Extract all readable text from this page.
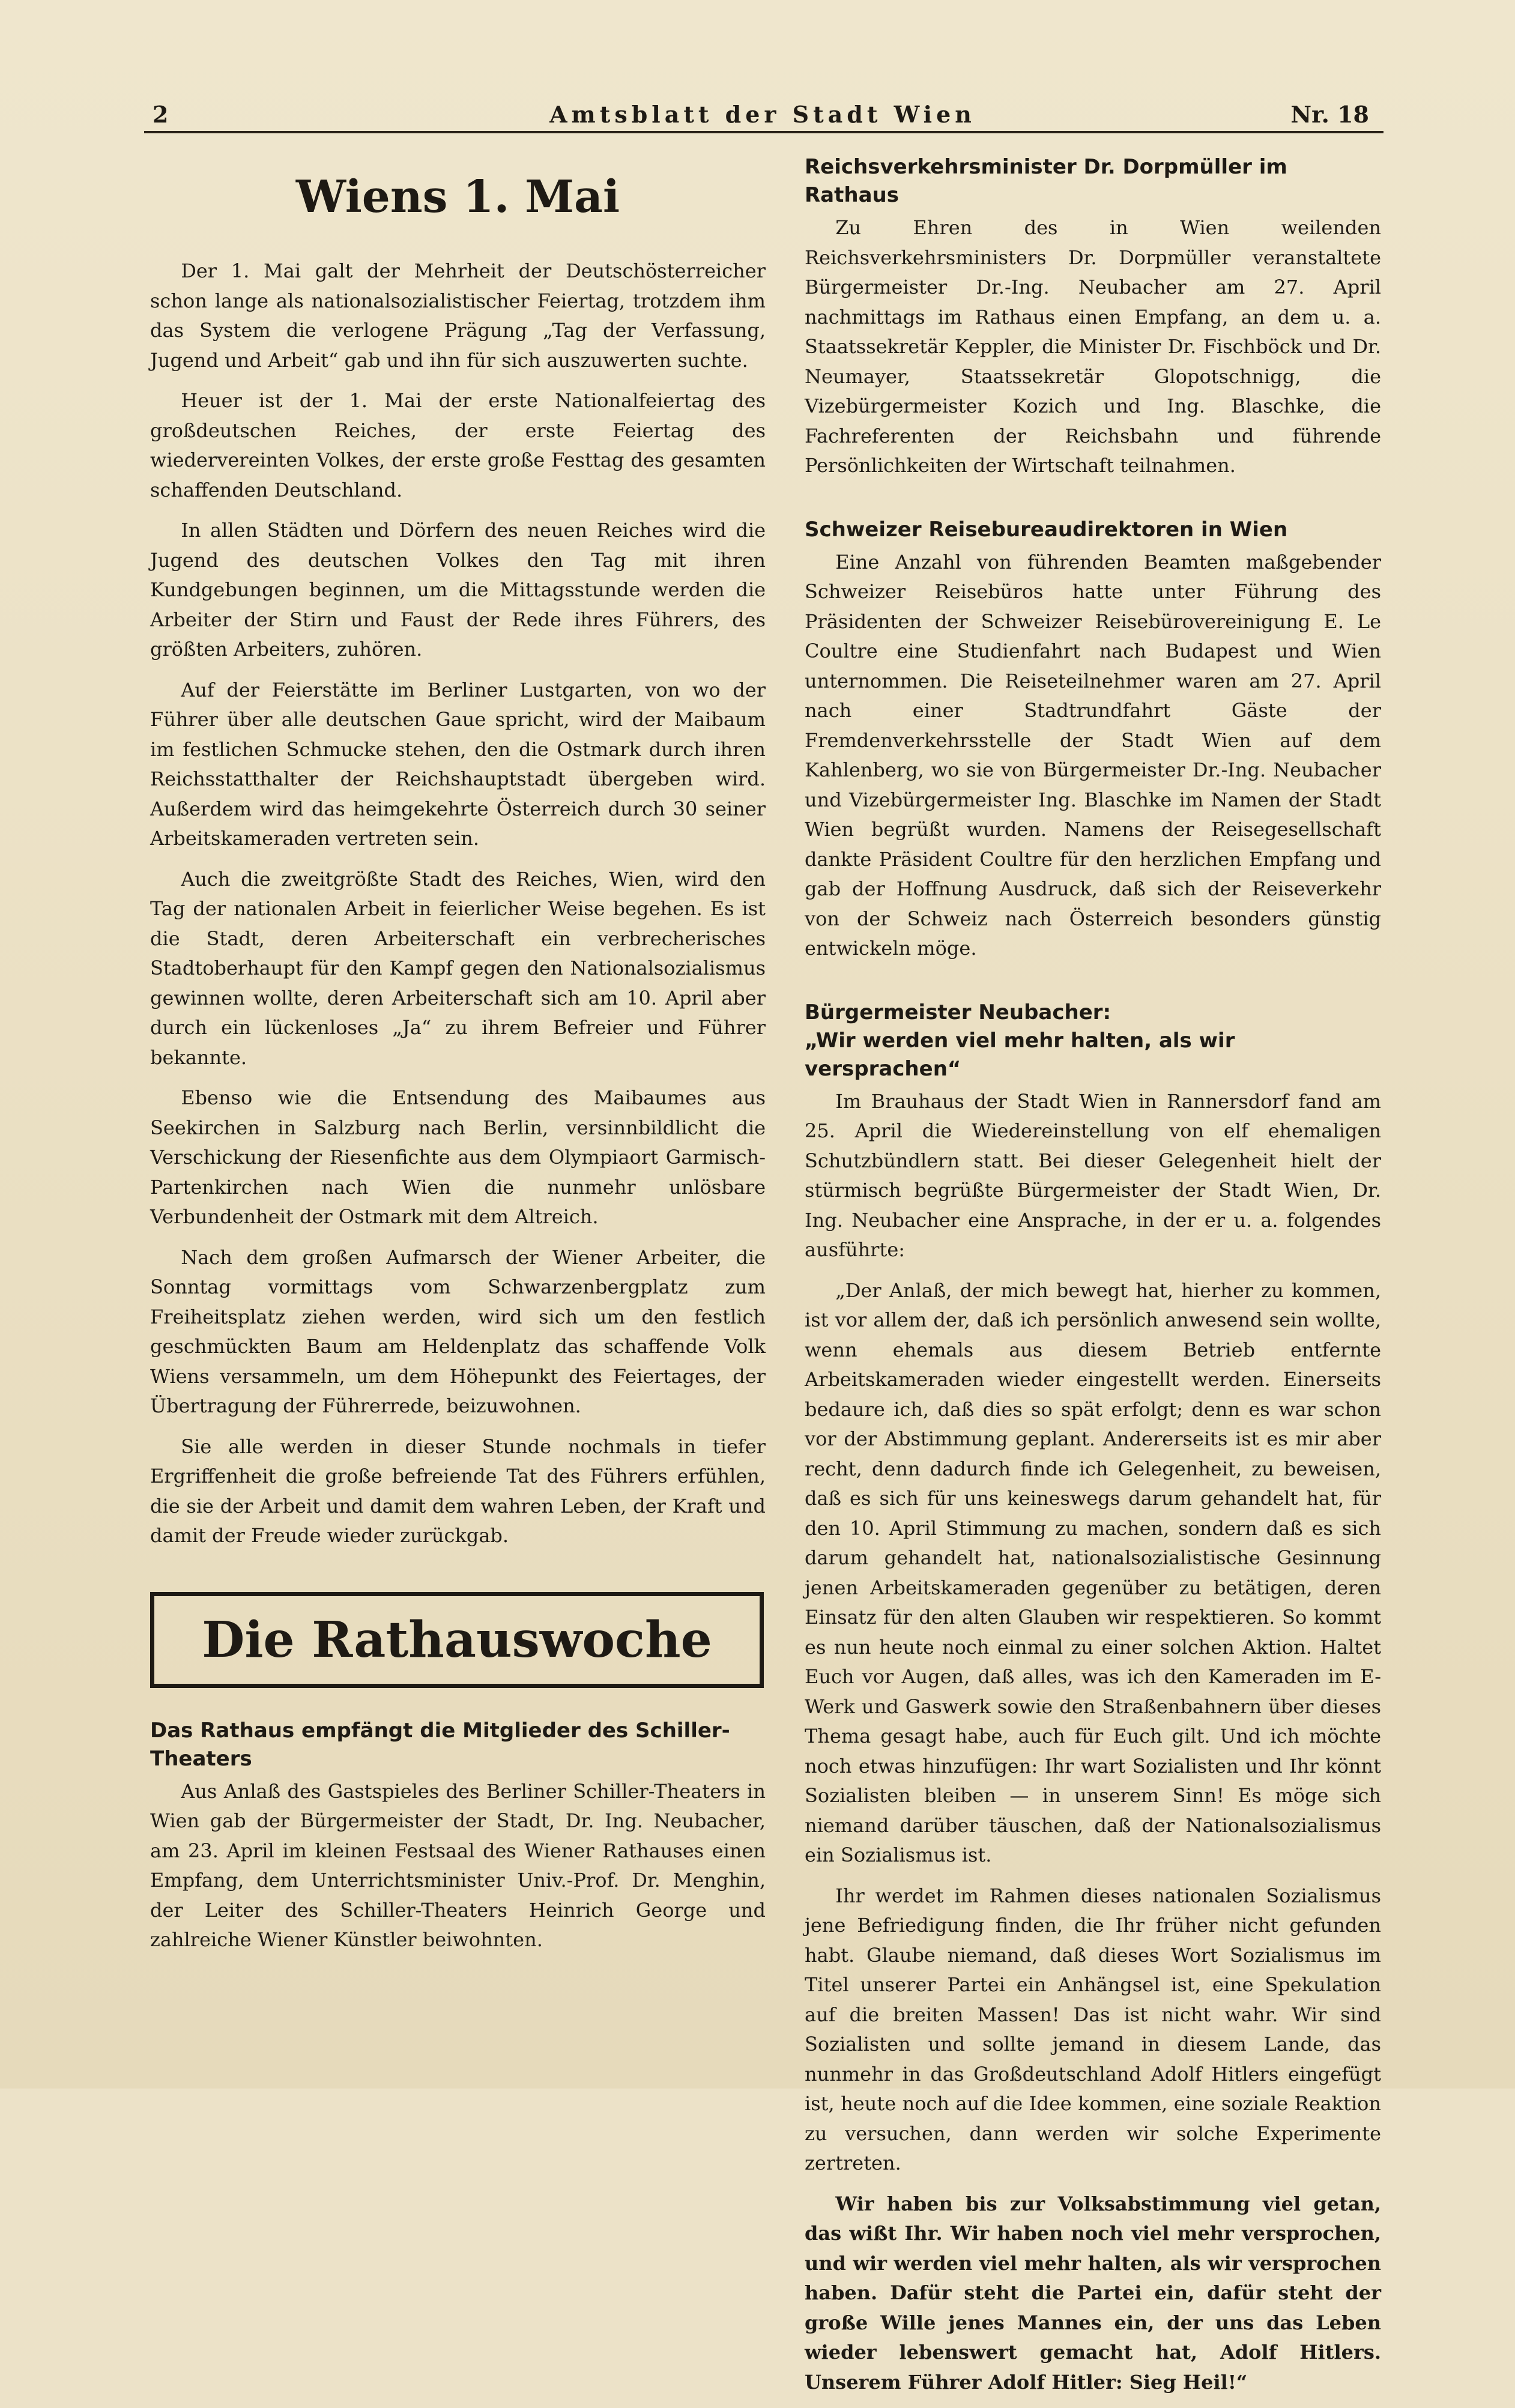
2	Amtsblatt der Stadt Wien	Nr. 18
Wiens 1. Mai

Der 1. Mai galt der Mehrheit der Deutschösterreicher schon lange als nationalsozialistischer Feiertag, trotzdem ihm das System die verlogene Prägung „Tag der Verfassung, Jugend und Arbeit“ gab und ihn für sich auszuwerten suchte.

Heuer ist der 1. Mai der erste Nationalfeiertag des großdeutschen Reiches, der erste Feiertag des wiedervereinten Volkes, der erste große Festtag des gesamten schaffenden Deutschland.

In allen Städten und Dörfern des neuen Reiches wird die Jugend des deutschen Volkes den Tag mit ihren Kundgebungen beginnen, um die Mittagsstunde werden die Arbeiter der Stirn und Faust der Rede ihres Führers, des größten Arbeiters, zuhören.

Auf der Feierstätte im Berliner Lustgarten, von wo der Führer über alle deutschen Gaue spricht, wird der Maibaum im festlichen Schmucke stehen, den die Ostmark durch ihren Reichsstatthalter der Reichshauptstadt übergeben wird. Außerdem wird das heimgekehrte Österreich durch 30 seiner Arbeitskameraden vertreten sein.

Auch die zweitgrößte Stadt des Reiches, Wien, wird den Tag der nationalen Arbeit in feierlicher Weise begehen. Es ist die Stadt, deren Arbeiterschaft ein verbrecherisches Stadtoberhaupt für den Kampf gegen den Nationalsozialismus gewinnen wollte, deren Arbeiterschaft sich am 10. April aber durch ein lückenloses „Ja“ zu ihrem Befreier und Führer bekannte.

Ebenso wie die Entsendung des Maibaumes aus Seekirchen in Salzburg nach Berlin, versinnbildlicht die Verschickung der Riesenfichte aus dem Olympiaort Garmisch-Partenkirchen nach Wien die nunmehr unlösbare Verbundenheit der Ostmark mit dem Altreich.

Nach dem großen Aufmarsch der Wiener Arbeiter, die Sonntag vormittags vom Schwarzenbergplatz zum Freiheitsplatz ziehen werden, wird sich um den festlich geschmückten Baum am Heldenplatz das schaffende Volk Wiens versammeln, um dem Höhepunkt des Feiertages, der Übertragung der Führerrede, beizuwohnen.

Sie alle werden in dieser Stunde nochmals in tiefer Ergriffenheit die große befreiende Tat des Führers erfühlen, die sie der Arbeit und damit dem wahren Leben, der Kraft und damit der Freude wieder zurückgab.

Die Rathauswoche
Das Rathaus empfängt die Mitglieder des Schiller-Theaters

Aus Anlaß des Gastspieles des Berliner Schiller-Theaters in Wien gab der Bürgermeister der Stadt, Dr. Ing. Neubacher, am 23. April im kleinen Festsaal des Wiener Rathauses einen Empfang, dem Unterrichtsminister Univ.-Prof. Dr. Menghin, der Leiter des Schiller-Theaters Heinrich George und zahlreiche Wiener Künstler beiwohnten.

Reichsverkehrsminister Dr. Dorpmüller im Rathaus

Zu Ehren des in Wien weilenden Reichsverkehrsministers Dr. Dorpmüller veranstaltete Bürgermeister Dr.-Ing. Neubacher am 27. April nachmittags im Rathaus einen Empfang, an dem u. a. Staatssekretär Keppler, die Minister Dr. Fischböck und Dr. Neumayer, Staatssekretär Glopotschnigg, die Vizebürgermeister Kozich und Ing. Blaschke, die Fachreferenten der Reichsbahn und führende Persönlichkeiten der Wirtschaft teilnahmen.

Schweizer Reisebureaudirektoren in Wien

Eine Anzahl von führenden Beamten maßgebender Schweizer Reisebüros hatte unter Führung des Präsidenten der Schweizer Reisebürovereinigung E. Le Coultre eine Studienfahrt nach Budapest und Wien unternommen. Die Reiseteilnehmer waren am 27. April nach einer Stadtrundfahrt Gäste der Fremdenverkehrsstelle der Stadt Wien auf dem Kahlenberg, wo sie von Bürgermeister Dr.-Ing. Neubacher und Vizebürgermeister Ing. Blaschke im Namen der Stadt Wien begrüßt wurden. Namens der Reisegesellschaft dankte Präsident Coultre für den herzlichen Empfang und gab der Hoffnung Ausdruck, daß sich der Reiseverkehr von der Schweiz nach Österreich besonders günstig entwickeln möge.

Bürgermeister Neubacher:
„Wir werden viel mehr halten, als wir versprachen“

Im Brauhaus der Stadt Wien in Rannersdorf fand am 25. April die Wiedereinstellung von elf ehemaligen Schutzbündlern statt. Bei dieser Gelegenheit hielt der stürmisch begrüßte Bürgermeister der Stadt Wien, Dr. Ing. Neubacher eine Ansprache, in der er u. a. folgendes ausführte:

„Der Anlaß, der mich bewegt hat, hierher zu kommen, ist vor allem der, daß ich persönlich anwesend sein wollte, wenn ehemals aus diesem Betrieb entfernte Arbeitskameraden wieder eingestellt werden. Einerseits bedaure ich, daß dies so spät erfolgt; denn es war schon vor der Abstimmung geplant. Andererseits ist es mir aber recht, denn dadurch finde ich Gelegenheit, zu beweisen, daß es sich für uns keineswegs darum gehandelt hat, für den 10. April Stimmung zu machen, sondern daß es sich darum gehandelt hat, nationalsozialistische Gesinnung jenen Arbeitskameraden gegenüber zu betätigen, deren Einsatz für den alten Glauben wir respektieren. So kommt es nun heute noch einmal zu einer solchen Aktion. Haltet Euch vor Augen, daß alles, was ich den Kameraden im E-Werk und Gaswerk sowie den Straßenbahnern über dieses Thema gesagt habe, auch für Euch gilt. Und ich möchte noch etwas hinzufügen: Ihr wart Sozialisten und Ihr könnt Sozialisten bleiben — in unserem Sinn! Es möge sich niemand darüber täuschen, daß der Nationalsozialismus ein Sozialismus ist.

Ihr werdet im Rahmen dieses nationalen Sozialismus jene Befriedigung finden, die Ihr früher nicht gefunden habt. Glaube niemand, daß dieses Wort Sozialismus im Titel unserer Partei ein Anhängsel ist, eine Spekulation auf die breiten Massen! Das ist nicht wahr. Wir sind Sozialisten und sollte jemand in diesem Lande, das nunmehr in das Großdeutschland Adolf Hitlers eingefügt ist, heute noch auf die Idee kommen, eine soziale Reaktion zu versuchen, dann werden wir solche Experimente zertreten.

Wir haben bis zur Volksabstimmung viel getan, das wißt Ihr. Wir haben noch viel mehr versprochen, und wir werden viel mehr halten, als wir versprochen haben. Dafür steht die Partei ein, dafür steht der große Wille jenes Mannes ein, der uns das Leben wieder lebenswert gemacht hat, Adolf Hitlers. Unserem Führer Adolf Hitler: Sieg Heil!“
